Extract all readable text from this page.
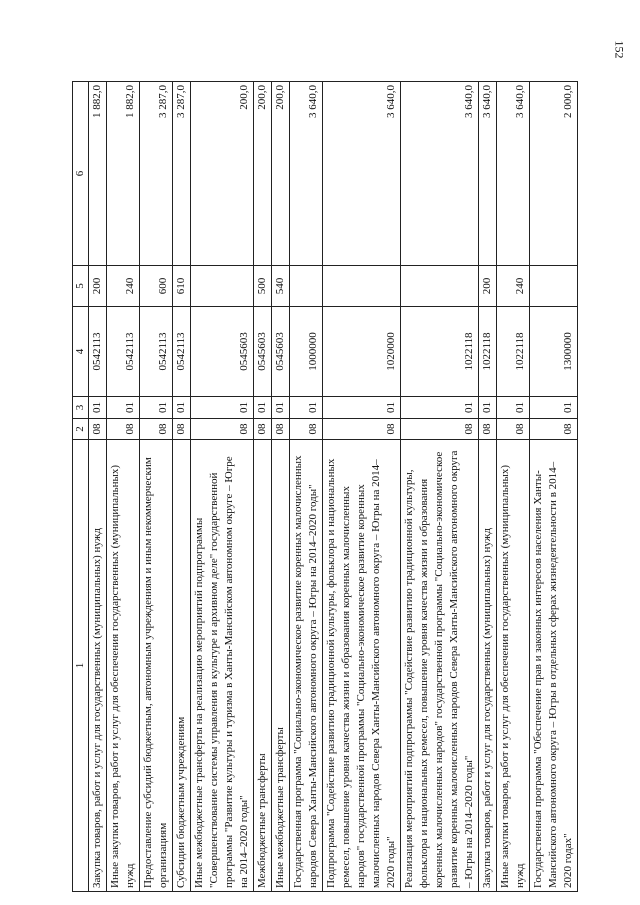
152
1	2	3	4	5	6
Закупка товаров, работ и услуг для государственных (муниципальных) нужд	08	01	0542113	200	1 882,0
Иные закупки товаров, работ и услуг для обеспечения государственных (муниципальных) нужд	08	01	0542113	240	1 882,0
Предоставление субсидий бюджетным, автономным учреждениям и иным некоммерческим организациям	08	01	0542113	600	3 287,0
Субсидии бюджетным учреждениям	08	01	0542113	610	3 287,0
Иные межбюджетные трансферты на реализацию мероприятий подпрограммы "Совершенствование системы управления в культуре и архивном деле" государственной программы "Развитие культуры и туризма в Ханты-Мансийском автономном округе – Югре на 2014–2020 годы"	08	01	0545603		200,0
Межбюджетные трансферты	08	01	0545603	500	200,0
Иные межбюджетные трансферты	08	01	0545603	540	200,0
Государственная программа "Социально-экономическое развитие коренных малочисленных народов Севера Ханты-Мансийского автономного округа – Югры на 2014–2020 годы"	08	01	1000000		3 640,0
Подпрограмма "Содействие развитию традиционной культуры, фольклора и национальных ремесел, повышение уровня качества жизни и образования коренных малочисленных народов" государственной программы "Социально-экономическое развитие коренных малочисленных народов Севера Ханты-Мансийского автономного округа – Югры на 2014–2020 годы"	08	01	1020000		3 640,0
Реализация мероприятий подпрограммы "Содействие развитию традиционной культуры, фольклора и национальных ремесел, повышение уровня качества жизни и образования коренных малочисленных народов" государственной программы "Социально-экономическое развитие коренных малочисленных народов Севера Ханты-Мансийского автономного округа – Югры на 2014–2020 годы"	08	01	1022118		3 640,0
Закупка товаров, работ и услуг для государственных (муниципальных) нужд	08	01	1022118	200	3 640,0
Иные закупки товаров, работ и услуг для обеспечения государственных (муниципальных) нужд	08	01	1022118	240	3 640,0
Государственная программа "Обеспечение прав и законных интересов населения Ханты-Мансийского автономного округа – Югры в отдельных сферах жизнедеятельности в 2014–2020 годах"	08	01	1300000		2 000,0
